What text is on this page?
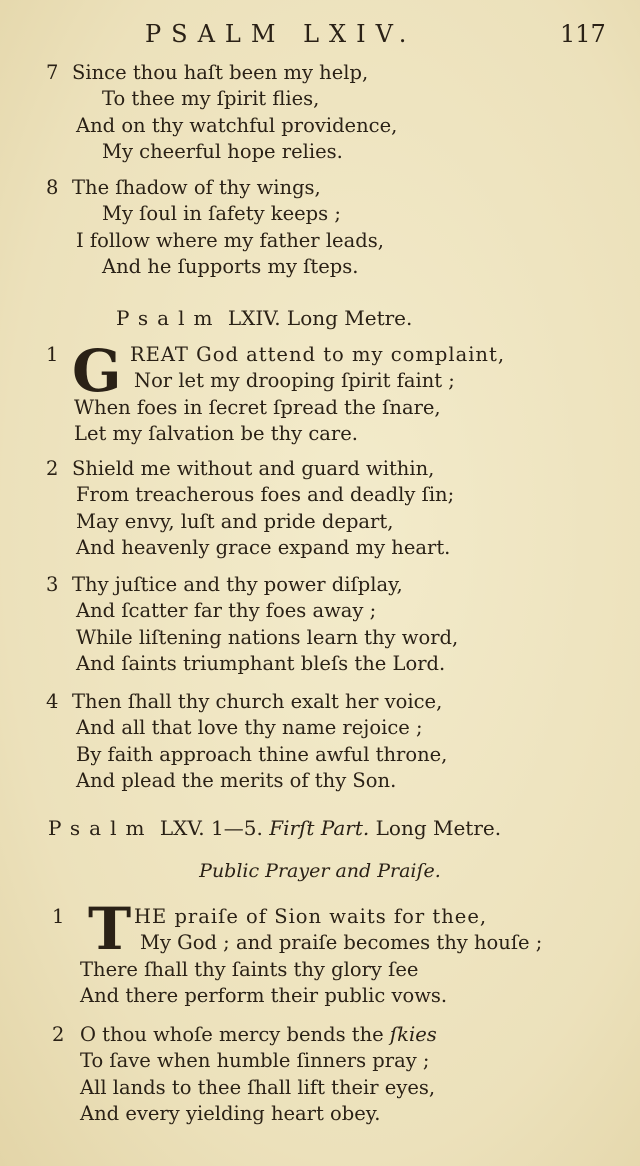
PSALM LXIV.	117
7 Since thou haſt been my help,
To thee my ſpirit flies,
And on thy watchful providence,
My cheerful hope relies.
8 The ſhadow of thy wings,
My ſoul in ſafety keeps ;
I follow where my father leads,
And he ſupports my ſteps.
Psalm LXIV. Long Metre.
1 G REAT God attend to my complaint,
Nor let my drooping ſpirit faint ;
When foes in ſecret ſpread the ſnare,
Let my ſalvation be thy care.
2 Shield me without and guard within,
From treacherous foes and deadly ſin;
May envy, luſt and pride depart,
And heavenly grace expand my heart.
3 Thy juſtice and thy power diſplay,
And ſcatter far thy foes away ;
While liſtening nations learn thy word,
And ſaints triumphant bleſs the Lord.
4 Then ſhall thy church exalt her voice,
And all that love thy name rejoice ;
By faith approach thine awful throne,
And plead the merits of thy Son.
Psalm LXV. 1—5. Firſt Part. Long Metre.
Public Prayer and Praiſe.
1 T HE praiſe of Sion waits for thee,
My God ; and praiſe becomes thy houſe ;
There ſhall thy ſaints thy glory ſee
And there perform their public vows.
2 O thou whoſe mercy bends the ſkies
To ſave when humble ſinners pray ;
All lands to thee ſhall lift their eyes,
And every yielding heart obey.
